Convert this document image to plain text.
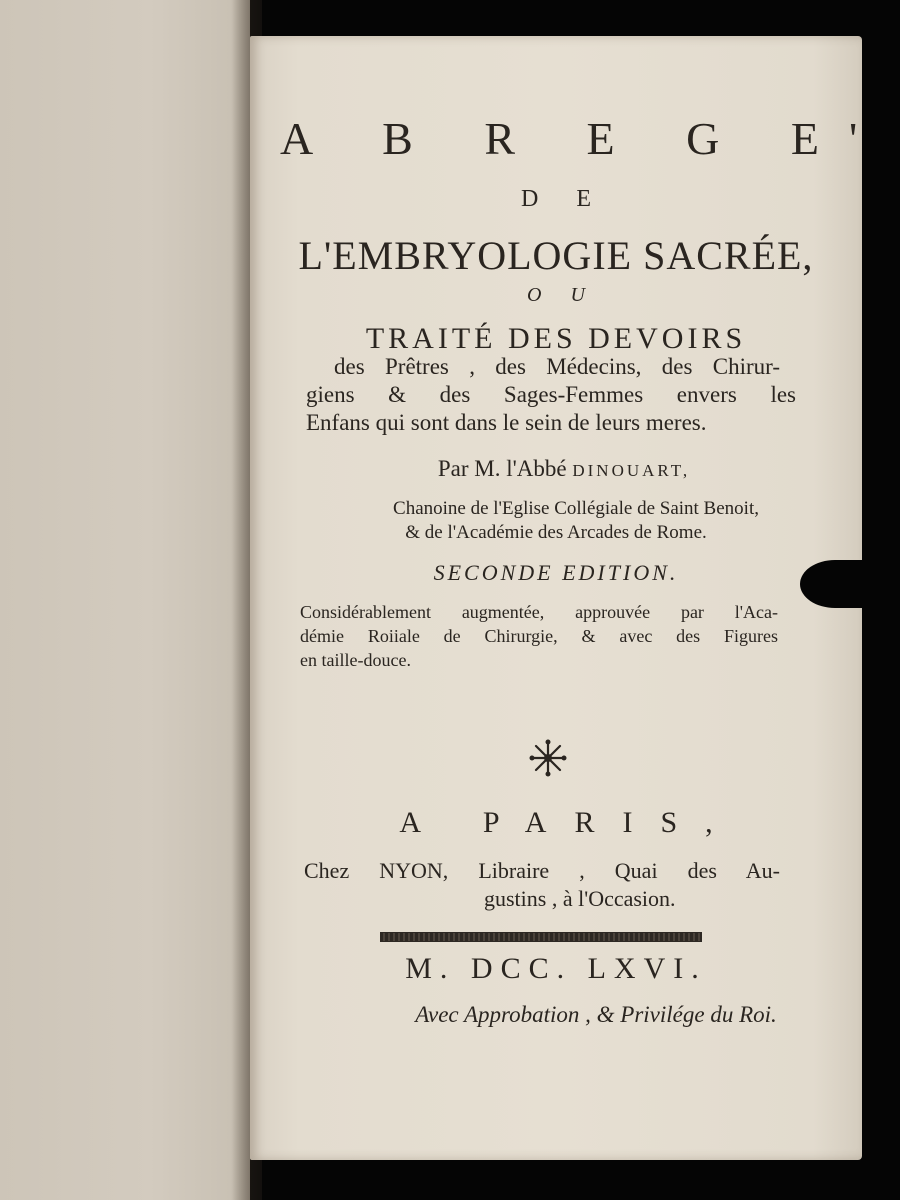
A B R E G E'

D E

L'EMBRYOLOGIE SACRÉE,

O U

TRAITÉ DES DEVOIRS

des Prêtres , des Médecins, des Chirur-

giens & des Sages-Femmes envers les

Enfans qui sont dans le sein de leurs meres.

Par M. l'Abbé DINOUART,

Chanoine de l'Eglise Collégiale de Saint Benoit,

& de l'Académie des Arcades de Rome.

SECONDE EDITION.

Considérablement augmentée, approuvée par l'Aca-

démie Roiiale de Chirurgie, & avec des Figures

en taille-douce.

A PARIS,

Chez NYON, Libraire , Quai des Au-

gustins , à l'Occasion.

M. DCC. LXVI.

Avec Approbation , & Privilége du Roi.
